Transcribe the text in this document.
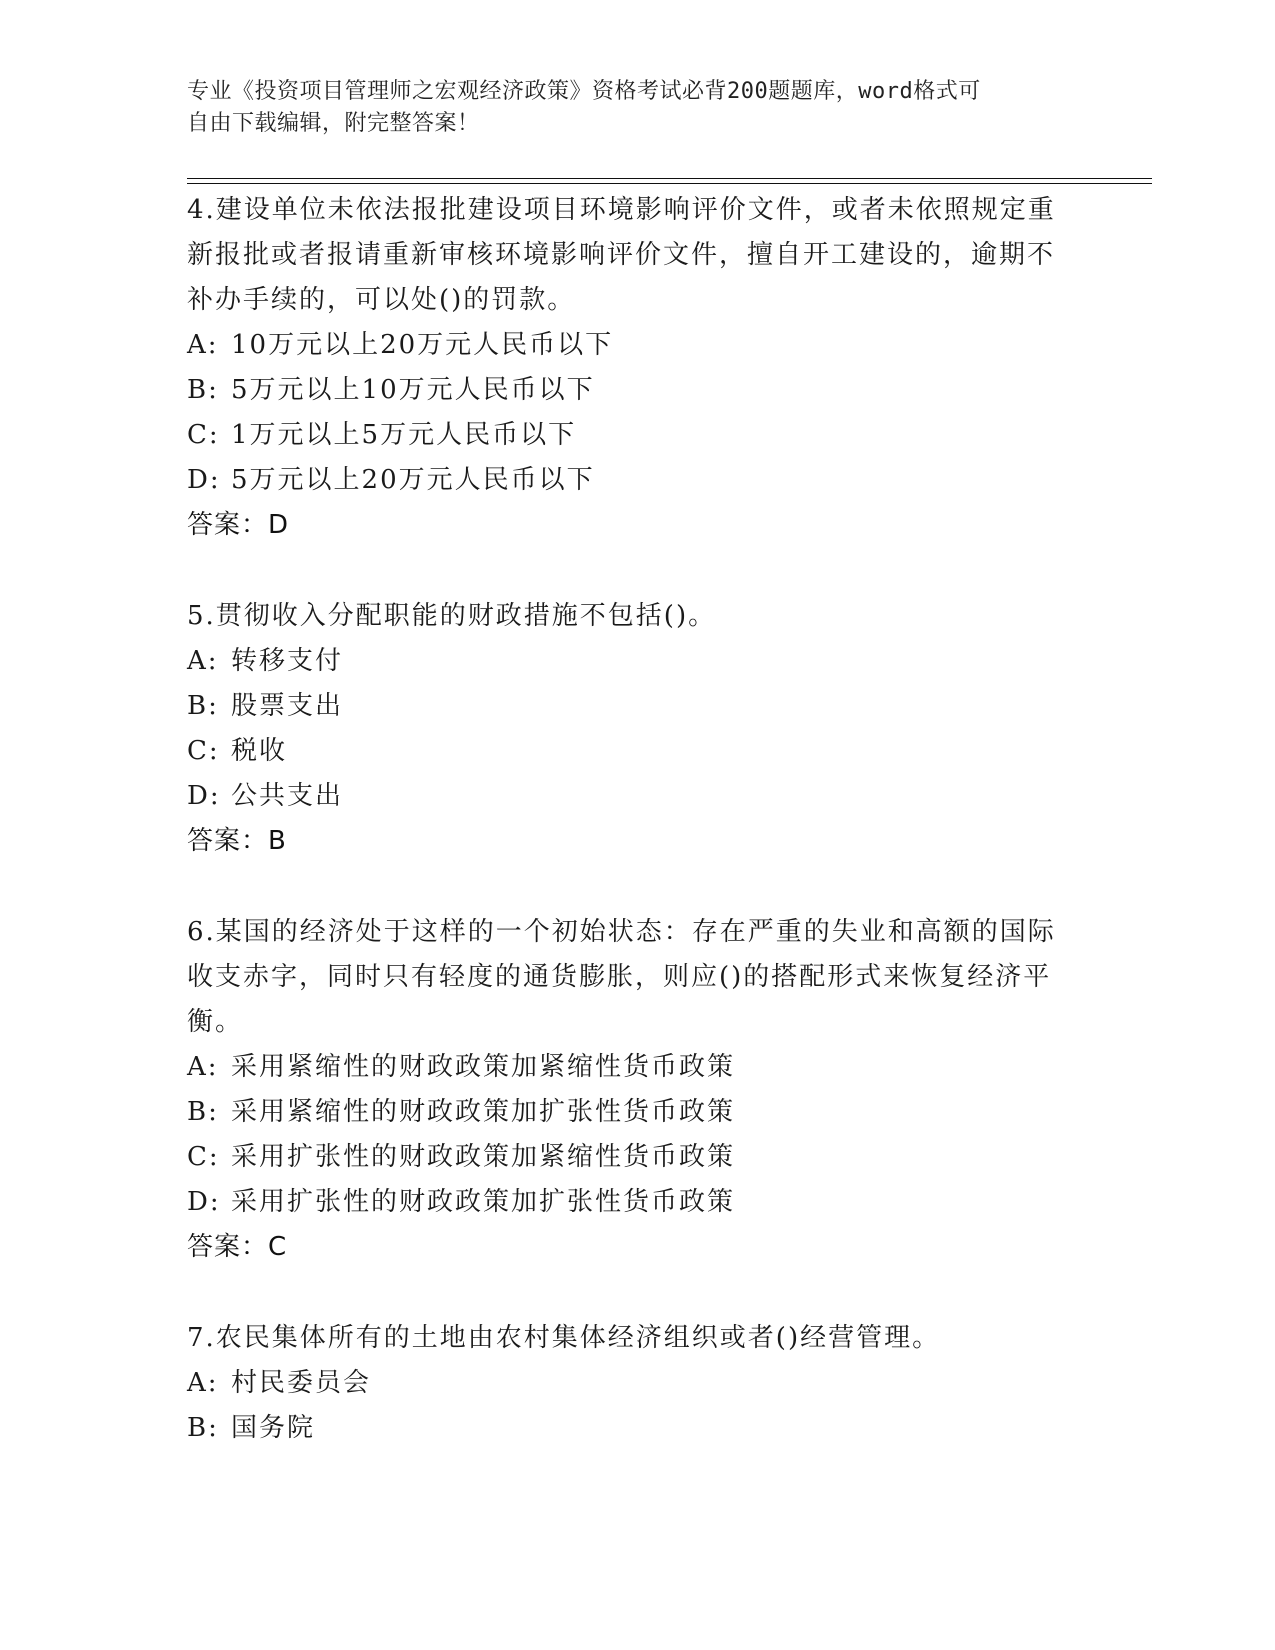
专业《投资项目管理师之宏观经济政策》资格考试必背200题题库，word格式可
自由下载编辑，附完整答案！
4.建设单位未依法报批建设项目环境影响评价文件，或者未依照规定重新报批或者报请重新审核环境影响评价文件，擅自开工建设的，逾期不补办手续的，可以处()的罚款。
A: 10万元以上20万元人民币以下
B: 5万元以上10万元人民币以下
C: 1万元以上5万元人民币以下
D: 5万元以上20万元人民币以下
答案：D
5.贯彻收入分配职能的财政措施不包括()。
A: 转移支付
B: 股票支出
C: 税收
D: 公共支出
答案：B
6.某国的经济处于这样的一个初始状态：存在严重的失业和高额的国际收支赤字，同时只有轻度的通货膨胀，则应()的搭配形式来恢复经济平衡。
A: 采用紧缩性的财政政策加紧缩性货币政策
B: 采用紧缩性的财政政策加扩张性货币政策
C: 采用扩张性的财政政策加紧缩性货币政策
D: 采用扩张性的财政政策加扩张性货币政策
答案：C
7.农民集体所有的土地由农村集体经济组织或者()经营管理。
A: 村民委员会
B: 国务院
